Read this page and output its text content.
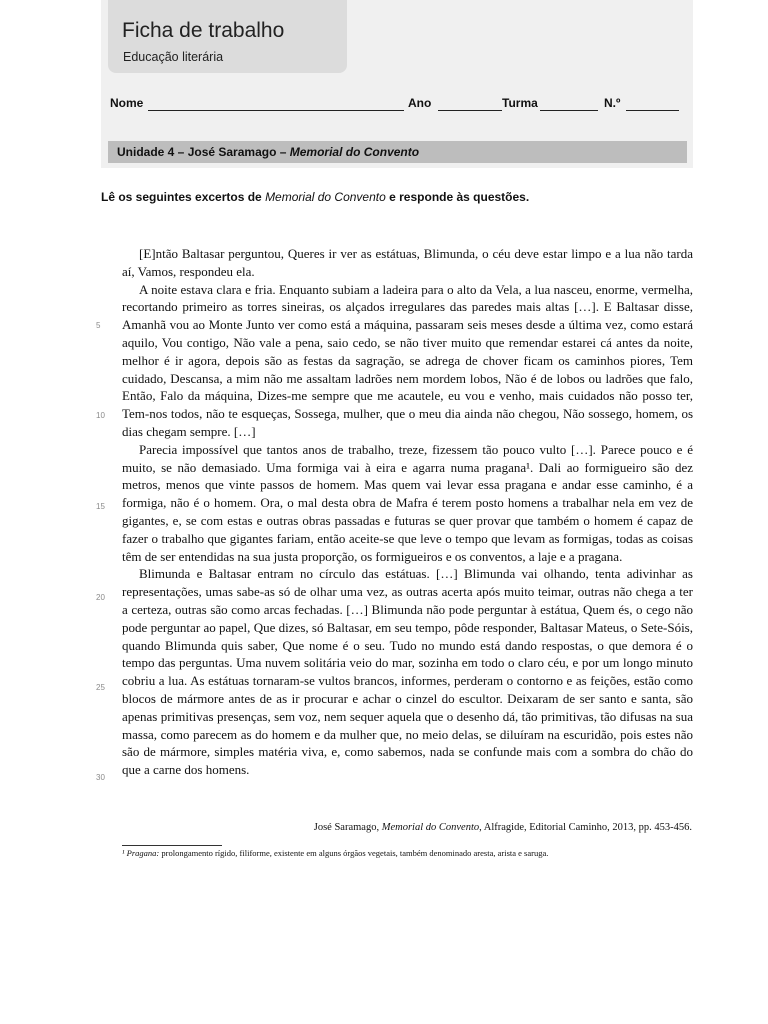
Ficha de trabalho
Educação literária
Nome	Ano	Turma	N.º
Unidade 4 – José Saramago – Memorial do Convento
Lê os seguintes excertos de Memorial do Convento e responde às questões.

[E]ntão Baltasar perguntou, Queres ir ver as estátuas, Blimunda, o céu deve estar limpo e a lua não tarda aí, Vamos, respondeu ela.

A noite estava clara e fria. Enquanto subiam a ladeira para o alto da Vela, a lua nasceu, enorme, vermelha, recortando primeiro as torres sineiras, os alçados irregulares das paredes mais altas […]. E Baltasar disse, Amanhã vou ao Monte Junto ver como está a máquina, passaram seis meses desde a última vez, como estará aquilo, Vou contigo, Não vale a pena, saio cedo, se não tiver muito que remendar estarei cá antes da noite, melhor é ir agora, depois são as festas da sagração, se adrega de chover ficam os caminhos piores, Tem cuidado, Descansa, a mim não me assaltam ladrões nem mordem lobos, Não é de lobos ou ladrões que falo, Então, Falo da máquina, Dizes-me sempre que me acautele, eu vou e venho, mais cuidados não posso ter, Tem-nos todos, não te esqueças, Sossega, mulher, que o meu dia ainda não chegou, Não sossego, homem, os dias chegam sempre. […]

Parecia impossível que tantos anos de trabalho, treze, fizessem tão pouco vulto […]. Parece pouco e é muito, se não demasiado. Uma formiga vai à eira e agarra numa pragana¹. Dali ao formigueiro são dez metros, menos que vinte passos de homem. Mas quem vai levar essa pragana e andar esse caminho, é a formiga, não é o homem. Ora, o mal desta obra de Mafra é terem posto homens a trabalhar nela em vez de gigantes, e, se com estas e outras obras passadas e futuras se quer provar que também o homem é capaz de fazer o trabalho que gigantes fariam, então aceite-se que leve o tempo que levam as formigas, todas as coisas têm de ser entendidas na sua justa proporção, os formigueiros e os conventos, a laje e a pragana.

Blimunda e Baltasar entram no círculo das estátuas. […] Blimunda vai olhando, tenta adivinhar as representações, umas sabe-as só de olhar uma vez, as outras acerta após muito teimar, outras não chega a ter a certeza, outras são como arcas fechadas. […] Blimunda não pode perguntar à estátua, Quem és, o cego não pode perguntar ao papel, Que dizes, só Baltasar, em seu tempo, pôde responder, Baltasar Mateus, o Sete-Sóis, quando Blimunda quis saber, Que nome é o seu. Tudo no mundo está dando respostas, o que demora é o tempo das perguntas. Uma nuvem solitária veio do mar, sozinha em todo o claro céu, e por um longo minuto cobriu a lua. As estátuas tornaram-se vultos brancos, informes, perderam o contorno e as feições, estão como blocos de mármore antes de as ir procurar e achar o cinzel do escultor. Deixaram de ser santo e santa, são apenas primitivas presenças, sem voz, nem sequer aquela que o desenho dá, tão primitivas, tão difusas na sua massa, como parecem as do homem e da mulher que, no meio delas, se diluíram na escuridão, pois estes não são de mármore, simples matéria viva, e, como sabemos, nada se confunde mais com a sombra do chão do que a carne dos homens.

5
10
15
20
25
30
José Saramago, Memorial do Convento, Alfragide, Editorial Caminho, 2013, pp. 453-456.
¹ Pragana: prolongamento rígido, filiforme, existente em alguns órgãos vegetais, também denominado aresta, arista e saruga.
